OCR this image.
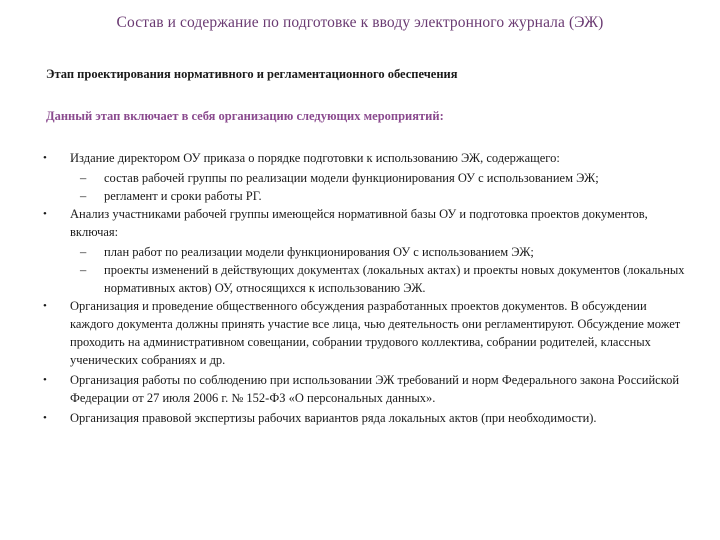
Состав и содержание по подготовке к вводу электронного журнала (ЭЖ)
Этап проектирования нормативного и регламентационного обеспечения
Данный этап включает в себя организацию следующих мероприятий:
• Издание директором ОУ приказа о порядке подготовки к использованию ЭЖ, содержащего:
– состав рабочей группы по реализации модели функционирования ОУ с использованием ЭЖ;
– регламент и сроки работы РГ.
• Анализ участниками рабочей группы имеющейся нормативной базы ОУ и подготовка проектов документов, включая:
– план работ по реализации модели функционирования ОУ с использованием ЭЖ;
– проекты изменений в действующих документах (локальных актах) и проекты новых документов (локальных нормативных актов) ОУ, относящихся к использованию ЭЖ.
• Организация и проведение общественного обсуждения разработанных проектов документов. В обсуждении каждого документа должны принять участие все лица, чью деятельность они регламентируют. Обсуждение может проходить на административном совещании, собрании трудового коллектива, собрании родителей, классных ученических собраниях и др.
• Организация работы по соблюдению при использовании ЭЖ требований и норм Федерального закона Российской Федерации от 27 июля 2006 г. № 152-ФЗ «О персональных данных».
• Организация правовой экспертизы рабочих вариантов ряда локальных актов (при необходимости).
